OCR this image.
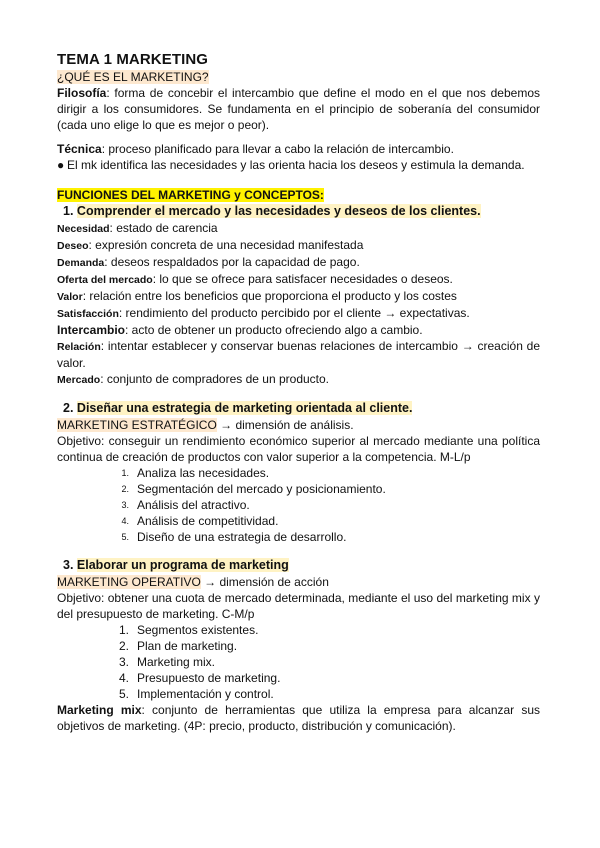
TEMA 1 MARKETING

¿QUÉ ES EL MARKETING?

Filosofía: forma de concebir el intercambio que define el modo en el que nos debemos dirigir a los consumidores. Se fundamenta en el principio de soberanía del consumidor (cada uno elige lo que es mejor o peor).

Técnica: proceso planificado para llevar a cabo la relación de intercambio.

● El mk identifica las necesidades y las orienta hacia los deseos y estimula la demanda.

FUNCIONES DEL MARKETING y CONCEPTOS:

1. Comprender el mercado y las necesidades y deseos de los clientes.

Necesidad: estado de carencia

Deseo: expresión concreta de una necesidad manifestada

Demanda: deseos respaldados por la capacidad de pago.

Oferta del mercado: lo que se ofrece para satisfacer necesidades o deseos.

Valor: relación entre los beneficios que proporciona el producto y los costes

Satisfacción: rendimiento del producto percibido por el cliente → expectativas.

Intercambio: acto de obtener un producto ofreciendo algo a cambio.

Relación: intentar establecer y conservar buenas relaciones de intercambio → creación de valor.

Mercado: conjunto de compradores de un producto.

2. Diseñar una estrategia de marketing orientada al cliente.

MARKETING ESTRATÉGICO → dimensión de análisis.

Objetivo: conseguir un rendimiento económico superior al mercado mediante una política continua de creación de productos con valor superior a la competencia. M-L/p

1. Analiza las necesidades.
2. Segmentación del mercado y posicionamiento.
3. Análisis del atractivo.
4. Análisis de competitividad.
5. Diseño de una estrategia de desarrollo.

3. Elaborar un programa de marketing

MARKETING OPERATIVO → dimensión de acción

Objetivo: obtener una cuota de mercado determinada, mediante el uso del marketing mix y del presupuesto de marketing. C-M/p

1. Segmentos existentes.
2. Plan de marketing.
3. Marketing mix.
4. Presupuesto de marketing.
5. Implementación y control.

Marketing mix: conjunto de herramientas que utiliza la empresa para alcanzar sus objetivos de marketing. (4P: precio, producto, distribución y comunicación).
